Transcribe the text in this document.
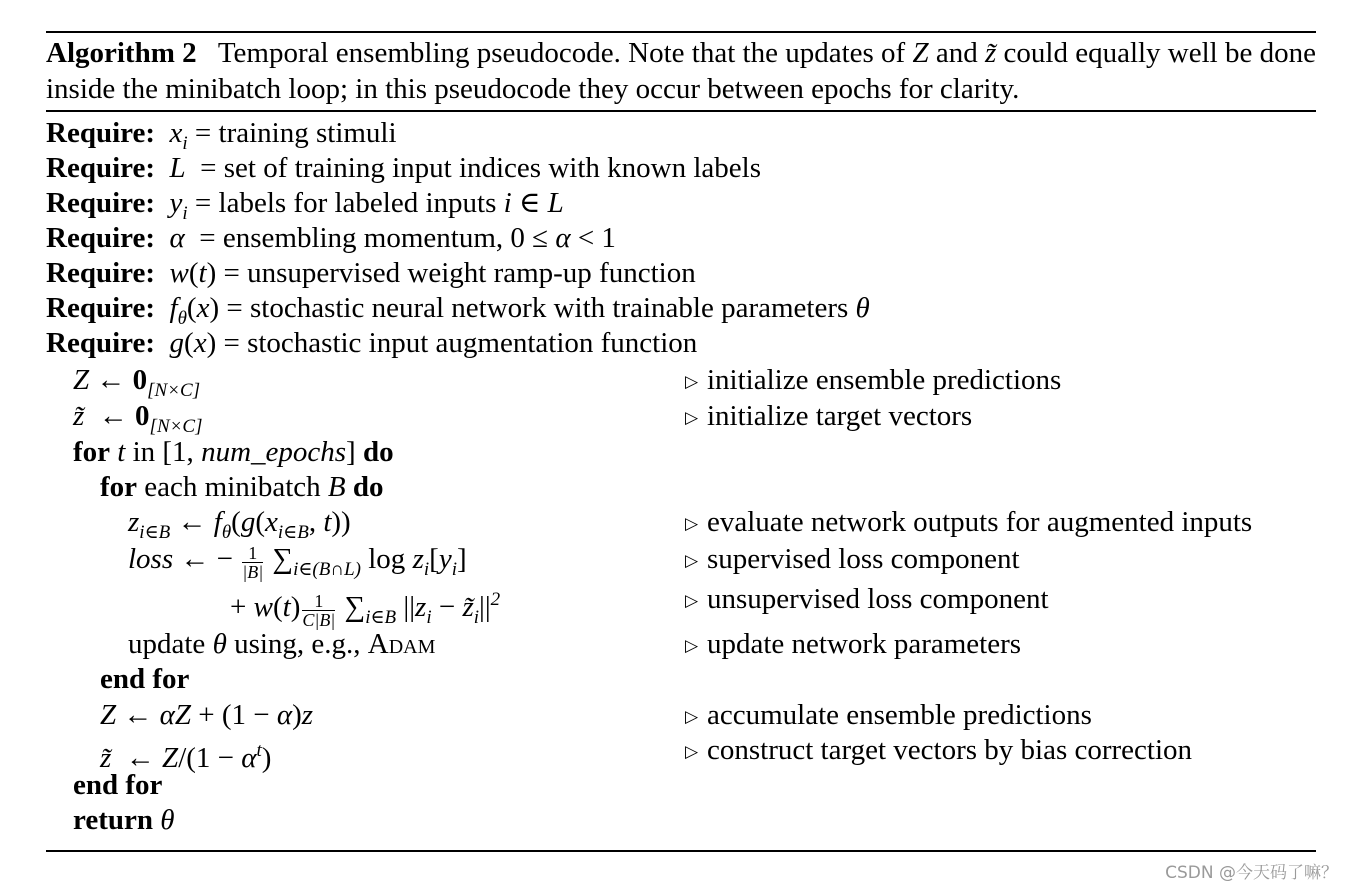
Algorithm 2   Temporal ensembling pseudocode. Note that the updates of Z and z̃ could equally well be done inside the minibatch loop; in this pseudocode they occur between epochs for clarity.
Require: $x_i$ = training stimuli
Require: L  = set of training input indices with known labels
Require: $y_i$ = labels for labeled inputs i ∈ L
Require: α  = ensembling momentum, 0 ≤ α < 1
Require: w(t) = unsupervised weight ramp-up function
Require: $f_\theta(x)$ = stochastic neural network with trainable parameters θ
Require: g(x) = stochastic input augmentation function
Z ← $0_{[N\times C]}$	▷ initialize ensemble predictions
z̃  ← $0_{[N\times C]}$	▷ initialize target vectors
for t in [1, num_epochs] do
for each minibatch B do
$z_{i\in B}$ ← $f_\theta(g(x_{i\in B}$, t))	▷ evaluate network outputs for augmented inputs
loss ← − $\frac{1}{|B|} \sum_{i\in(B\cap L)}$ $\log z_i[y_i]$	▷ supervised loss component
+ $w(t) \frac{1}{C|B|} \sum_{i\in B}$ $||z_i$ − $z̃_i||^2$	▷ unsupervised loss component
update θ using, e.g., Adam	▷ update network parameters
end for
Z ← αZ + (1 − α)z	▷ accumulate ensemble predictions
z̃  ← $Z/(1 - \alpha^t)$	▷ construct target vectors by bias correction
end for
return θ
CSDN @今天码了嘛？
